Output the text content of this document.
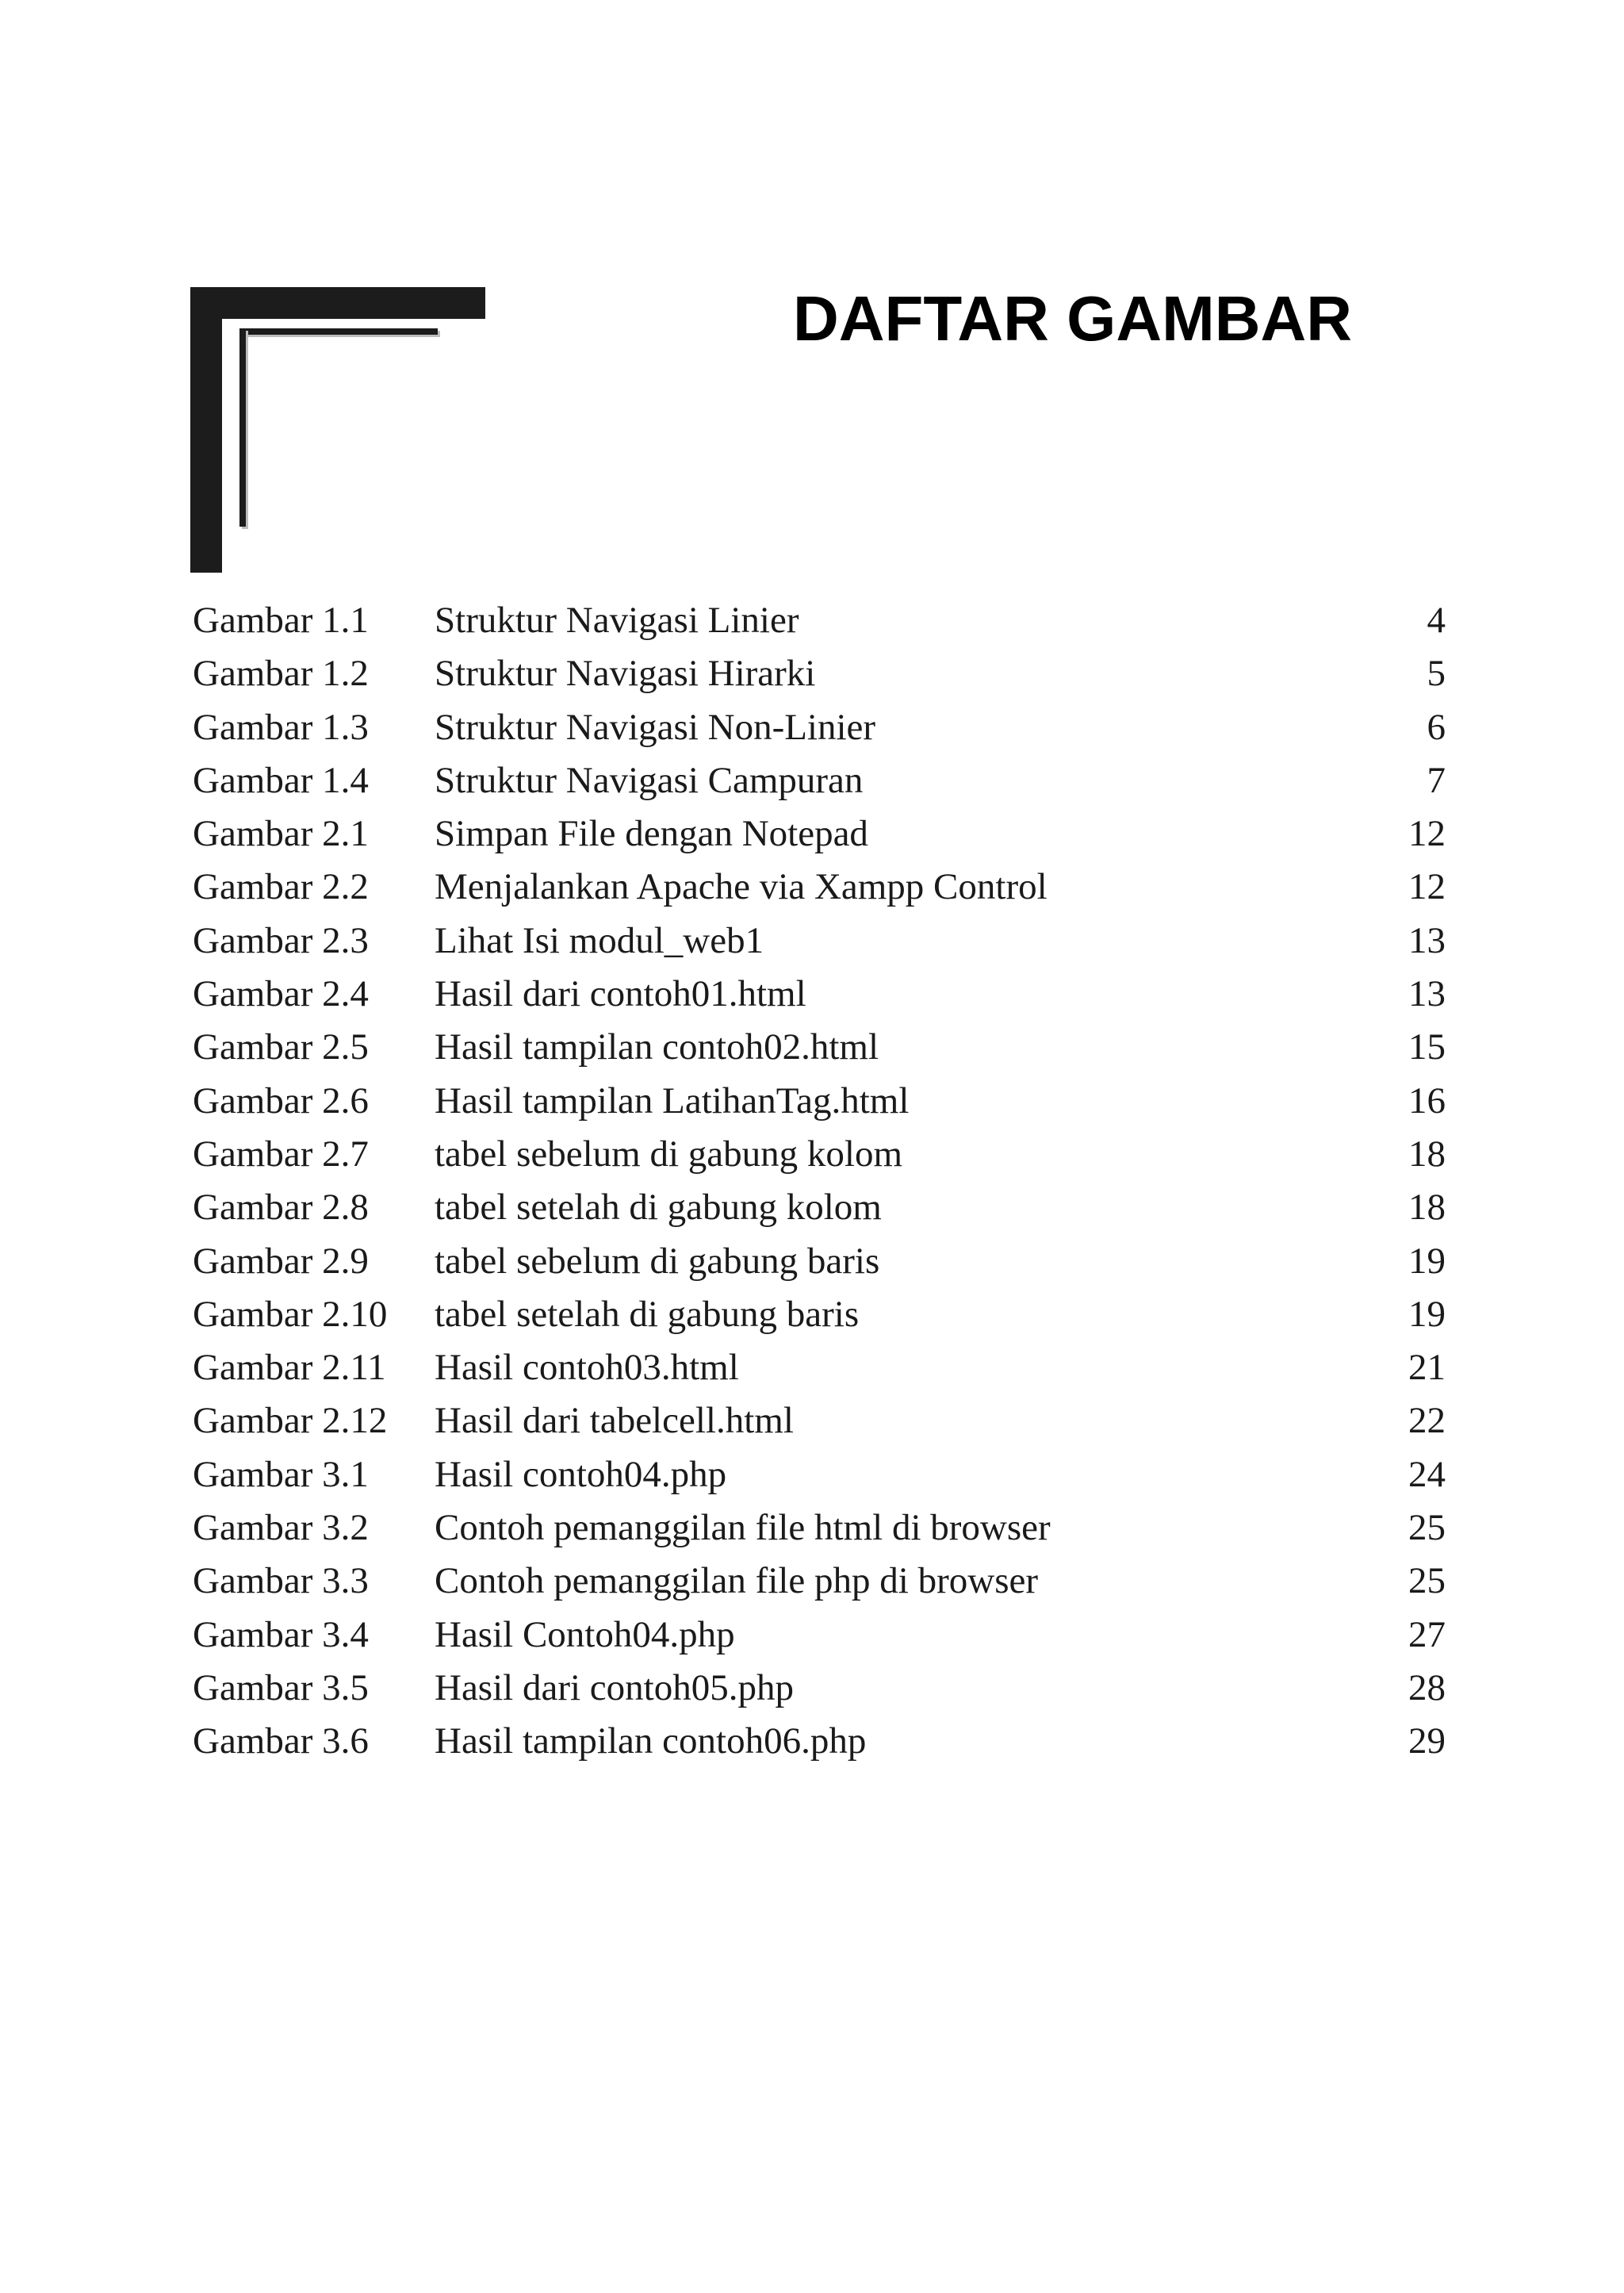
DAFTAR GAMBAR
Gambar 1.1 Struktur Navigasi Linier	4
Gambar 1.2 Struktur Navigasi Hirarki	5
Gambar 1.3 Struktur Navigasi Non-Linier	6
Gambar 1.4 Struktur Navigasi Campuran	7
Gambar 2.1 Simpan File dengan Notepad	12
Gambar 2.2 Menjalankan Apache via Xampp Control	12
Gambar 2.3 Lihat Isi modul_web1	13
Gambar 2.4 Hasil dari contoh01.html	13
Gambar 2.5 Hasil tampilan contoh02.html	15
Gambar 2.6 Hasil tampilan LatihanTag.html	16
Gambar 2.7 tabel sebelum di gabung kolom	18
Gambar 2.8 tabel setelah di gabung kolom	18
Gambar 2.9 tabel sebelum di gabung baris	19
Gambar 2.10 tabel setelah di gabung baris	19
Gambar 2.11 Hasil contoh03.html	21
Gambar 2.12 Hasil dari tabelcell.html	22
Gambar 3.1 Hasil contoh04.php	24
Gambar 3.2 Contoh pemanggilan file html di browser	25
Gambar 3.3 Contoh pemanggilan file php di browser	25
Gambar 3.4 Hasil Contoh04.php	27
Gambar 3.5 Hasil dari contoh05.php	28
Gambar 3.6 Hasil tampilan contoh06.php	29
